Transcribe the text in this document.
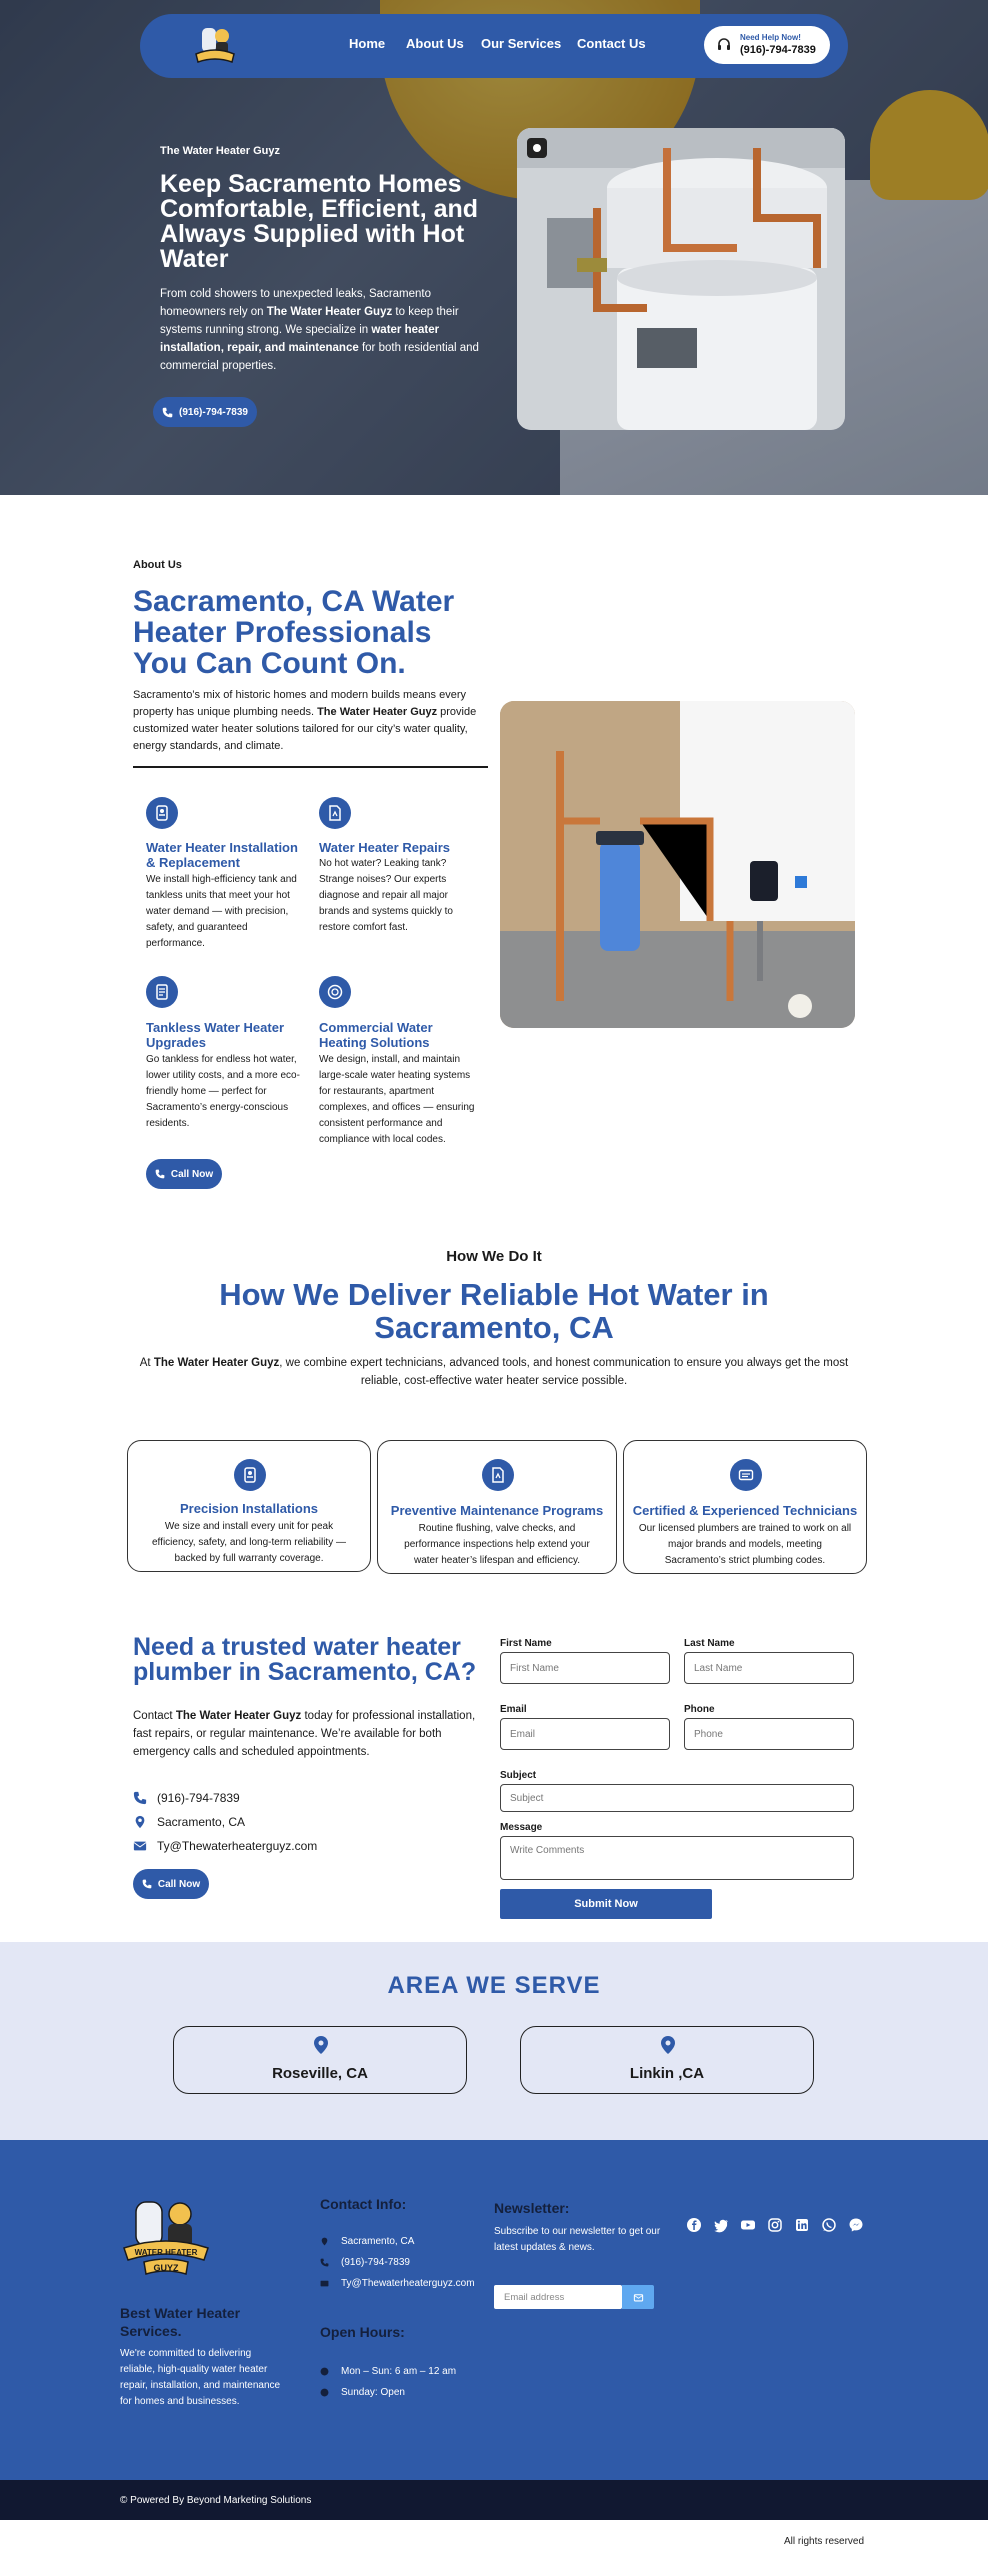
Home About Us Our Services Contact Us	Need Help Now!
(916)-794-7839
The Water Heater Guyz
Keep Sacramento Homes Comfortable, Efficient, and Always Supplied with Hot Water
From cold showers to unexpected leaks, Sacramento homeowners rely on The Water Heater Guyz to keep their systems running strong. We specialize in water heater installation, repair, and maintenance for both residential and commercial properties.
(916)-794-7839
About Us
Sacramento, CA Water Heater Professionals You Can Count On.
Sacramento’s mix of historic homes and modern builds means every property has unique plumbing needs. The Water Heater Guyz provide customized water heater solutions tailored for our city’s water quality, energy standards, and climate.
Water Heater Installation & Replacement
We install high-efficiency tank and tankless units that meet your hot water demand — with precision, safety, and guaranteed performance.
Water Heater Repairs
No hot water? Leaking tank? Strange noises? Our experts diagnose and repair all major brands and systems quickly to restore comfort fast.
Tankless Water Heater Upgrades
Go tankless for endless hot water, lower utility costs, and a more eco-friendly home — perfect for Sacramento’s energy-conscious residents.
Commercial Water Heating Solutions
We design, install, and maintain large-scale water heating systems for restaurants, apartment complexes, and offices — ensuring consistent performance and compliance with local codes.
Call Now
How We Do It
How We Deliver Reliable Hot Water in Sacramento, CA
At The Water Heater Guyz, we combine expert technicians, advanced tools, and honest communication to ensure you always get the most reliable, cost-effective water heater service possible.
Precision Installations
We size and install every unit for peak efficiency, safety, and long-term reliability — backed by full warranty coverage.
Preventive Maintenance Programs
Routine flushing, valve checks, and performance inspections help extend your water heater’s lifespan and efficiency.
Certified & Experienced Technicians
Our licensed plumbers are trained to work on all major brands and models, meeting Sacramento’s strict plumbing codes.
Need a trusted water heater plumber in Sacramento, CA?
Contact The Water Heater Guyz today for professional installation, fast repairs, or regular maintenance. We’re available for both emergency calls and scheduled appointments.
(916)-794-7839
Sacramento, CA
Ty@Thewaterheaterguyz.com
Call Now
First Name
First Name
Last Name
Last Name
Email
Email
Phone
Phone
Subject
Subject
Message
Write Comments
Submit Now
AREA WE SERVE
Roseville, CA	Linkin ,CA
WATER HEATER
GUYZ
Best Water Heater Services.
We're committed to delivering reliable, high-quality water heater repair, installation, and maintenance for homes and businesses.
Contact Info:
Sacramento, CA
(916)-794-7839
Ty@Thewaterheaterguyz.com
Open Hours:
Mon – Sun: 6 am – 12 am
Sunday: Open
Newsletter:
Subscribe to our newsletter to get our latest updates & news.
Email address
© Powered By Beyond Marketing Solutions
All rights reserved
